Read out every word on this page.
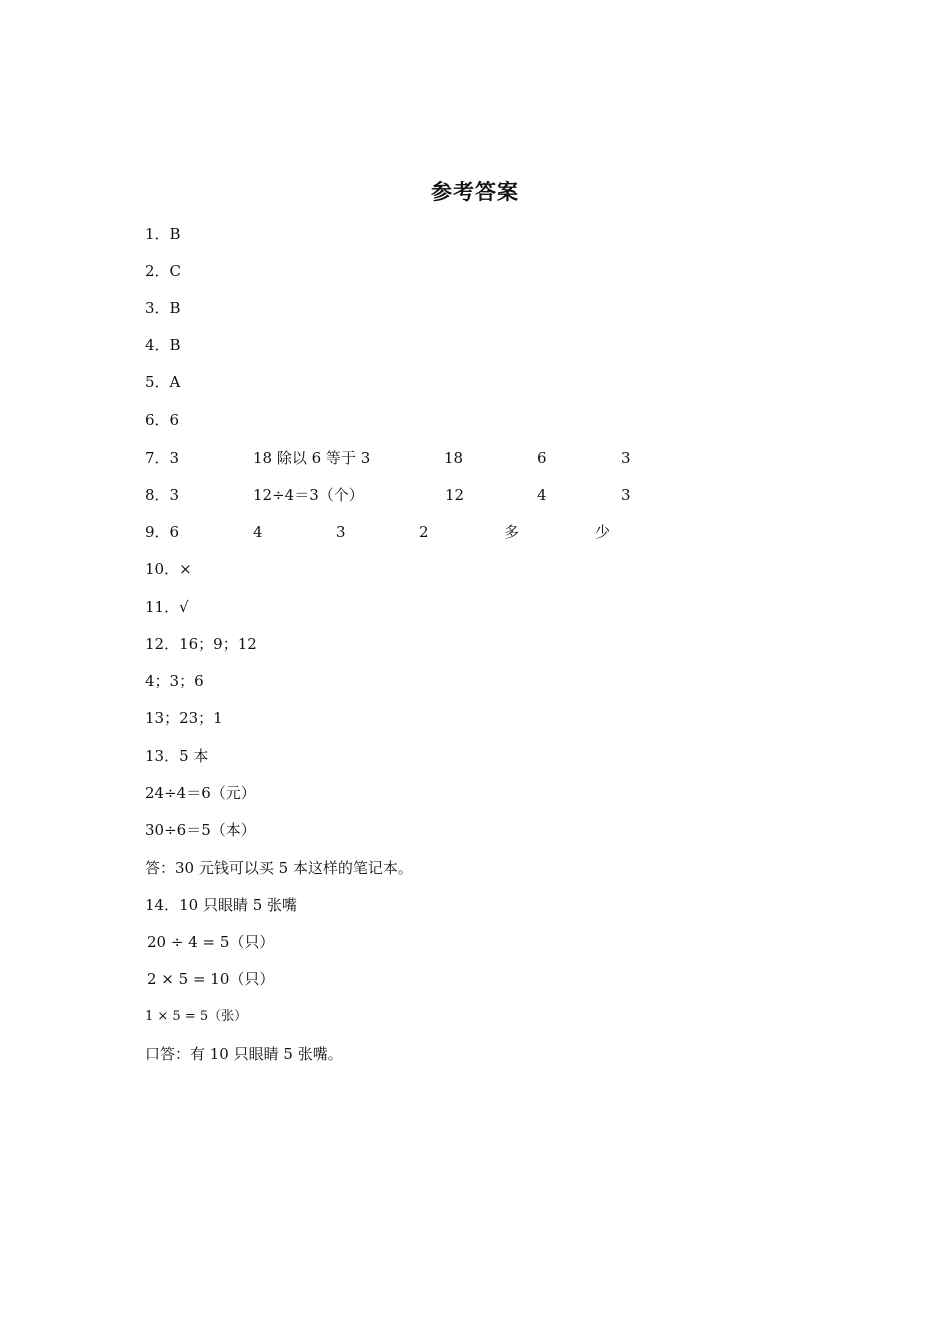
参考答案
1．B
2．C
3．B
4．B
5．A
6．6
7．3	18 除以 6 等于 3	18	6	3
8．3	12÷4＝3（个）	12	4	3
9．6	4	3	2	多	少
10．×
11．√
12．16；9；12
4；3；6
13；23；1
13．5 本
24÷4＝6（元）
30÷6＝5（本）
答：30 元钱可以买 5 本这样的笔记本。
14．10 只眼睛 5 张嘴
20 ÷ 4 = 5（只）
2 × 5 = 10（只）
1 × 5 = 5（张）
口答：有 10 只眼睛 5 张嘴。
